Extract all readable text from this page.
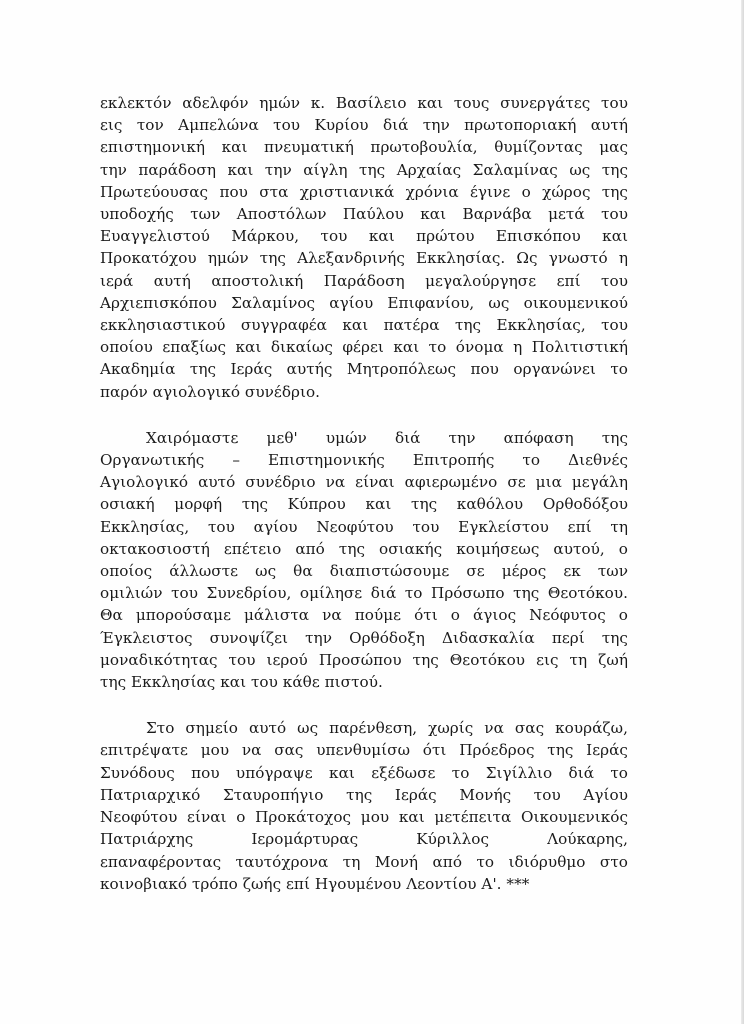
εκλεκτόν αδελφόν ημών κ. Βασίλειο και τους συνεργάτες του
εις τον Αμπελώνα του Κυρίου διά την πρωτοποριακή αυτή
επιστημονική και πνευματική πρωτοβουλία, θυμίζοντας μας
την παράδοση και την αίγλη της Αρχαίας Σαλαμίνας ως της
Πρωτεύουσας που στα χριστιανικά χρόνια έγινε ο χώρος της
υποδοχής των Αποστόλων Παύλου και Βαρνάβα μετά του
Ευαγγελιστού Μάρκου, του και πρώτου Επισκόπου και
Προκατόχου ημών της Αλεξανδρινής Εκκλησίας. Ως γνωστό η
ιερά αυτή αποστολική Παράδοση μεγαλούργησε επί του
Αρχιεπισκόπου Σαλαμίνος αγίου Επιφανίου, ως οικουμενικού
εκκλησιαστικού συγγραφέα και πατέρα της Εκκλησίας, του
οποίου επαξίως και δικαίως φέρει και το όνομα η Πολιτιστική
Ακαδημία της Ιεράς αυτής Μητροπόλεως που οργανώνει το
παρόν αγιολογικό συνέδριο.

Χαιρόμαστε μεθ' υμών διά την απόφαση της
Οργανωτικής – Επιστημονικής Επιτροπής το Διεθνές
Αγιολογικό αυτό συνέδριο να είναι αφιερωμένο σε μια μεγάλη
οσιακή μορφή της Κύπρου και της καθόλου Ορθοδόξου
Εκκλησίας, του αγίου Νεοφύτου του Εγκλείστου επί τη
οκτακοσιοστή επέτειο από της οσιακής κοιμήσεως αυτού, ο
οποίος άλλωστε ως θα διαπιστώσουμε σε μέρος εκ των
ομιλιών του Συνεδρίου, ομίλησε διά το Πρόσωπο της Θεοτόκου.
Θα μπορούσαμε μάλιστα να πούμε ότι ο άγιος Νεόφυτος ο
Έγκλειστος συνοψίζει την Ορθόδοξη Διδασκαλία περί της
μοναδικότητας του ιερού Προσώπου της Θεοτόκου εις τη ζωή
της Εκκλησίας και του κάθε πιστού.

Στο σημείο αυτό ως παρένθεση, χωρίς να σας κουράζω,
επιτρέψατε μου να σας υπενθυμίσω ότι Πρόεδρος της Ιεράς
Συνόδους που υπόγραψε και εξέδωσε το Σιγίλλιο διά το
Πατριαρχικό Σταυροπήγιο της Ιεράς Μονής του Αγίου
Νεοφύτου είναι ο Προκάτοχος μου και μετέπειτα Οικουμενικός
Πατριάρχης Ιερομάρτυρας Κύριλλος Λούκαρης,
επαναφέροντας ταυτόχρονα τη Μονή από το ιδιόρυθμο στο
κοινοβιακό τρόπο ζωής επί Ηγουμένου Λεοντίου Α'. ***
